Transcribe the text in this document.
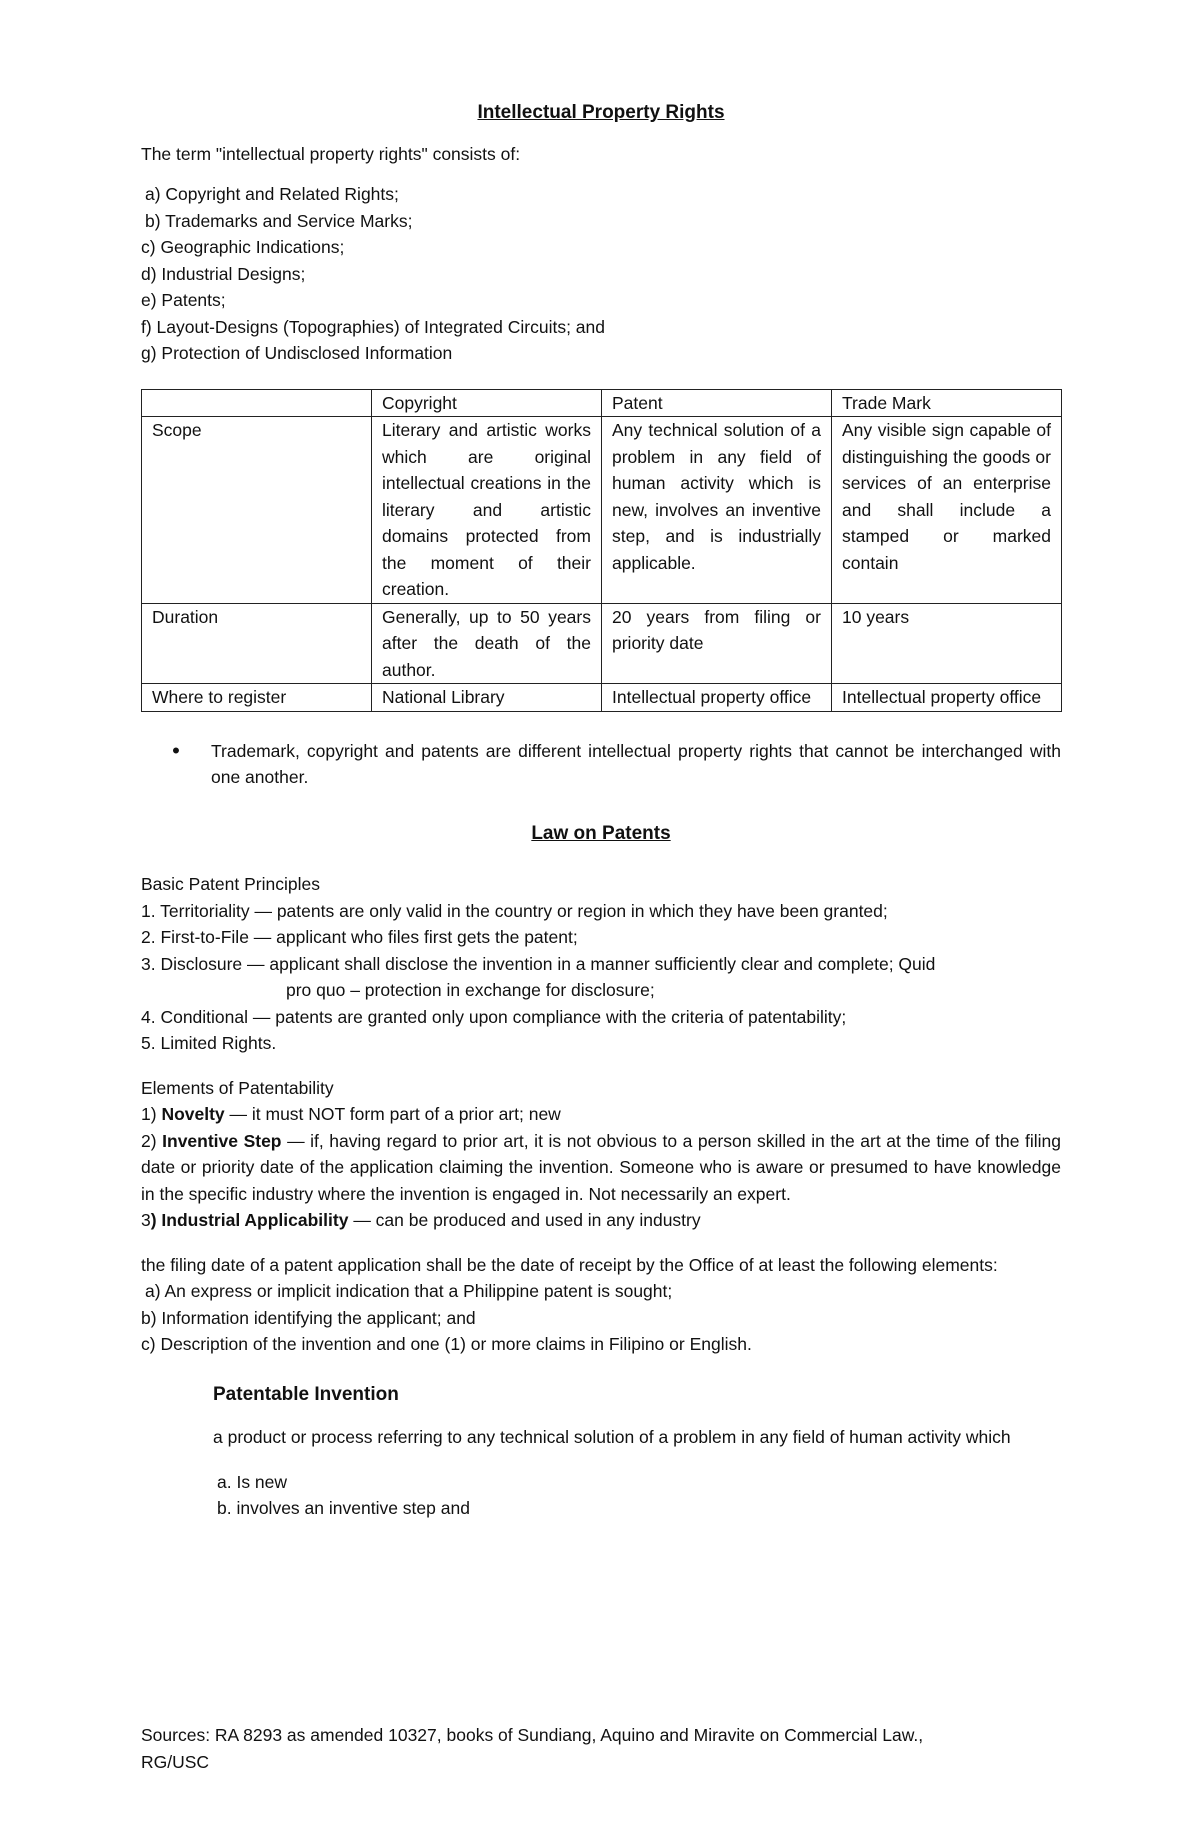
Intellectual Property Rights

The term "intellectual property rights" consists of:

a) Copyright and Related Rights;

b) Trademarks and Service Marks;

c) Geographic Indications;

d) Industrial Designs;

e) Patents;

f) Layout-Designs (Topographies) of Integrated Circuits; and

g) Protection of Undisclosed Information

	Copyright	Patent	Trade Mark
Scope	Literary and artistic works which are original intellectual creations in the literary and artistic domains protected from the moment of their creation.	Any technical solution of a problem in any field of human activity which is new, involves an inventive step, and is industrially applicable.	Any visible sign capable of distinguishing the goods or services of an enterprise and shall include a stamped or marked contain
Duration	Generally, up to 50 years after the death of the author.	20 years from filing or priority date	10 years
Where to register	National Library	Intellectual property office	Intellectual property office
•	Trademark, copyright and patents are different intellectual property rights that cannot be interchanged with one another.

Law on Patents

Basic Patent Principles

1. Territoriality — patents are only valid in the country or region in which they have been granted;

2. First-to-File — applicant who files first gets the patent;

3. Disclosure — applicant shall disclose the invention in a manner sufficiently clear and complete; Quid

pro quo – protection in exchange for disclosure;

4. Conditional — patents are granted only upon compliance with the criteria of patentability;

5. Limited Rights.

Elements of Patentability

1) Novelty — it must NOT form part of a prior art; new

2) Inventive Step — if, having regard to prior art, it is not obvious to a person skilled in the art at the time of the filing date or priority date of the application claiming the invention. Someone who is aware or presumed to have knowledge in the specific industry where the invention is engaged in. Not necessarily an expert.

3) Industrial Applicability — can be produced and used in any industry

the filing date of a patent application shall be the date of receipt by the Office of at least the following elements:

a) An express or implicit indication that a Philippine patent is sought;

b) Information identifying the applicant; and

c) Description of the invention and one (1) or more claims in Filipino or English.

Patentable Invention

a product or process referring to any technical solution of a problem in any field of human activity which

a. Is new

b. involves an inventive step and

Sources: RA 8293 as amended 10327, books of Sundiang, Aquino and Miravite on Commercial Law.,

RG/USC
